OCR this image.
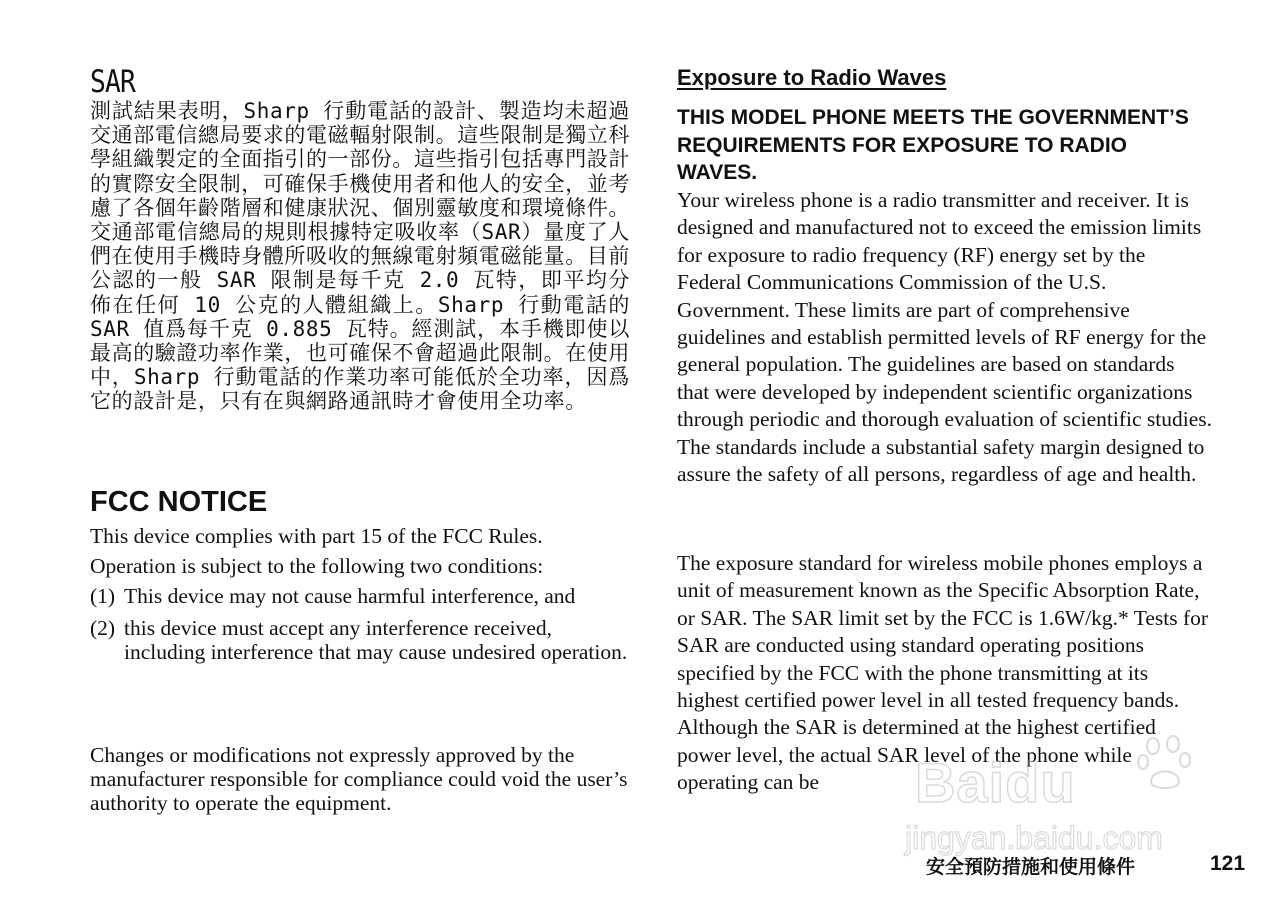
SAR

測試結果表明，Sharp 行動電話的設計、製造均未超過交通部電信總局要求的電磁輻射限制。這些限制是獨立科學組織製定的全面指引的一部份。這些指引包括專門設計的實際安全限制，可確保手機使用者和他人的安全，並考慮了各個年齡階層和健康狀況、個別靈敏度和環境條件。交通部電信總局的規則根據特定吸收率（SAR）量度了人們在使用手機時身體所吸收的無線電射頻電磁能量。目前公認的一般 SAR 限制是每千克 2.0 瓦特，即平均分佈在任何 10 公克的人體組織上。Sharp 行動電話的 SAR 值爲每千克 0.885 瓦特。經測試，本手機即使以最高的驗證功率作業，也可確保不會超過此限制。在使用中，Sharp 行動電話的作業功率可能低於全功率，因爲它的設計是，只有在與網路通訊時才會使用全功率。

FCC NOTICE

This device complies with part 15 of the FCC Rules.

Operation is subject to the following two conditions:

(1) This device may not cause harmful interference, and
(2) this device must accept any interference received, including interference that may cause undesired operation.

Changes or modifications not expressly approved by the manufacturer responsible for compliance could void the user’s authority to operate the equipment.

Exposure to Radio Waves

THIS MODEL PHONE MEETS THE GOVERNMENT’S REQUIREMENTS FOR EXPOSURE TO RADIO WAVES.

Your wireless phone is a radio transmitter and receiver. It is designed and manufactured not to exceed the emission limits for exposure to radio frequency (RF) energy set by the Federal Communications Commission of the U.S. Government. These limits are part of comprehensive guidelines and establish permitted levels of RF energy for the general population. The guidelines are based on standards that were developed by independent scientific organizations through periodic and thorough evaluation of scientific studies. The standards include a substantial safety margin designed to assure the safety of all persons, regardless of age and health.

The exposure standard for wireless mobile phones employs a unit of measurement known as the Specific Absorption Rate, or SAR. The SAR limit set by the FCC is 1.6W/kg.* Tests for SAR are conducted using standard operating positions specified by the FCC with the phone transmitting at its highest certified power level in all tested frequency bands. Although the SAR is determined at the highest certified power level, the actual SAR level of the phone while operating can be	Baidu
jingyan.baidu.com
安全預防措施和使用條件	121
